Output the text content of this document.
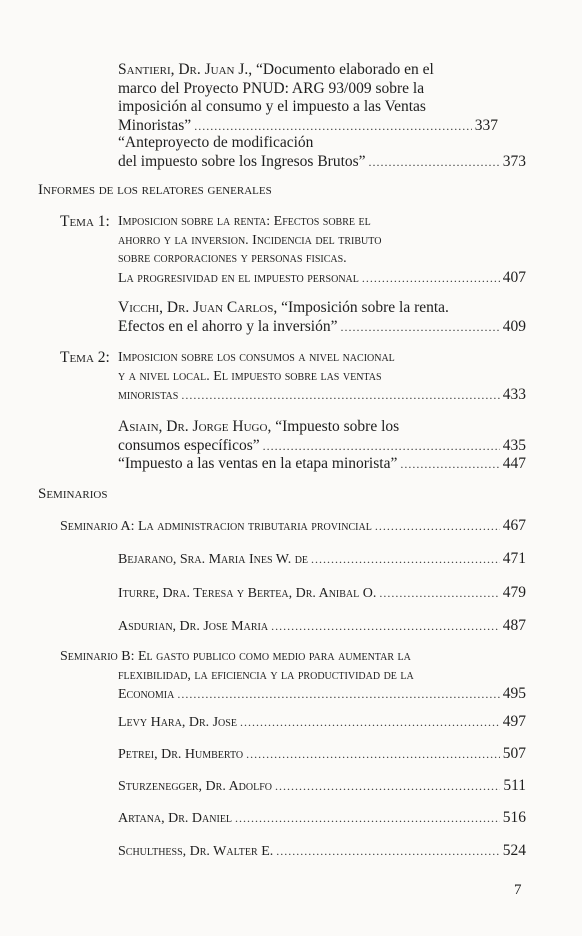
Santieri, Dr. Juan J. , “Documento elaborado en el
marco del Proyecto PNUD: ARG 93/009 sobre la
imposición al consumo y el impuesto a las Ventas
Minoristas” .....	337
“Anteproyecto de modificación
del impuesto sobre los Ingresos Brutos” .....	373
Informes de los relatores generales
Tema 1: Imposicion sobre la renta: Efectos sobre el
ahorro y la inversion. Incidencia del tributo
sobre corporaciones y personas fisicas.
La progresividad en el impuesto personal .....	407
Vicchi, Dr. Juan Carlos , “Imposición sobre la renta.
Efectos en el ahorro y la inversión” .....	409
Tema 2: Imposicion sobre los consumos a nivel nacional
y a nivel local. El impuesto sobre las ventas
minoristas .....	433
Asiain, Dr. Jorge Hugo , “Impuesto sobre los
consumos específicos” .....	435
“Impuesto a las ventas en la etapa minorista” .....	447
Seminarios
Seminario A: La administracion tributaria provincial .....	467
Bejarano, Sra. Maria Ines W. de .....	471
Iturre, Dra. Teresa y Bertea, Dr. Anibal O. .....	479
Asdurian, Dr. Jose Maria .....	487
Seminario B: El gasto publico como medio para aumentar la
flexibilidad, la eficiencia y la productividad de la
Economia .....	495
Levy Hara, Dr. Jose .....	497
Petrei, Dr. Humberto .....	507
Sturzenegger, Dr. Adolfo .....	511
Artana, Dr. Daniel .....	516
Schulthess, Dr. Walter E. .....	524
7
